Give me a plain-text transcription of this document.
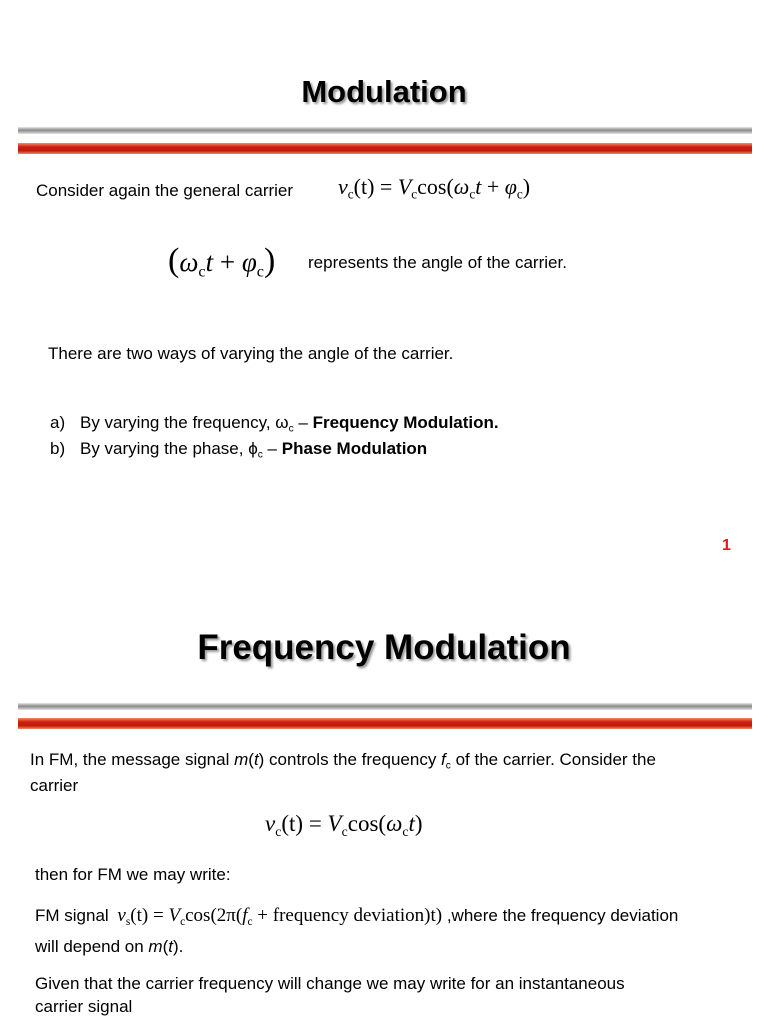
Modulation
Consider again the general carrier $v_c(t) = V_c\cos(\omega_ct + \varphi_c)$
$(\omega_ct + \varphi_c)$ represents the angle of the carrier.
There are two ways of varying the angle of the carrier.
a) By varying the frequency, $\omega_c$ – Frequency Modulation.
b) By varying the phase, $\phi_c$ – Phase Modulation
1
Frequency Modulation
In FM, the message signal m(t) controls the frequency $f_c$ of the carrier. Consider the
carrier
$v_c(t) = V_c\cos(\omega_ct)$
then for FM we may write:
FM signal $v_s(t) = V_c\cos(2\pi(f_c$ + frequency deviation)t) ,where the frequency deviation
will depend on m(t).
Given that the carrier frequency will change we may write for an instantaneous
carrier signal
